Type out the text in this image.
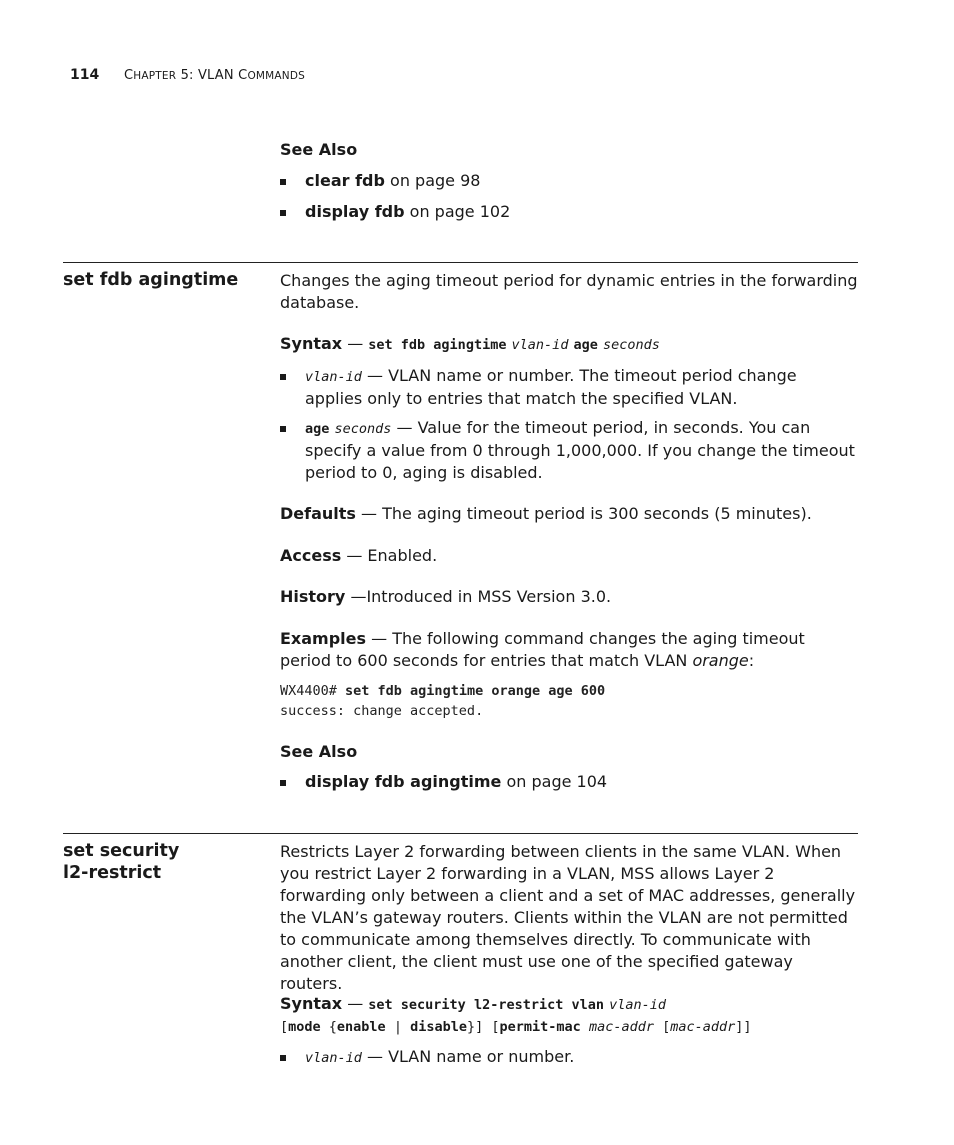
114 CHAPTER 5: VLAN COMMANDS
See Also
clear fdb on page 98
display fdb on page 102
set fdb agingtime	Changes the aging timeout period for dynamic entries in the forwarding database.
Syntax — set fdb agingtime vlan-id age seconds
vlan-id — VLAN name or number. The timeout period change applies only to entries that match the specified VLAN.
age seconds — Value for the timeout period, in seconds. You can specify a value from 0 through 1,000,000. If you change the timeout period to 0, aging is disabled.
Defaults — The aging timeout period is 300 seconds (5 minutes).
Access — Enabled.
History —Introduced in MSS Version 3.0.
Examples — The following command changes the aging timeout period to 600 seconds for entries that match VLAN orange:
WX4400# set fdb agingtime orange age 600
success: change accepted.
See Also
display fdb agingtime on page 104
set security
l2-restrict
Restricts Layer 2 forwarding between clients in the same VLAN. When you restrict Layer 2 forwarding in a VLAN, MSS allows Layer 2 forwarding only between a client and a set of MAC addresses, generally the VLAN’s gateway routers. Clients within the VLAN are not permitted to communicate among themselves directly. To communicate with another client, the client must use one of the specified gateway routers.
Syntax — set security l2-restrict vlan vlan-id
[mode {enable | disable}] [permit-mac mac-addr [mac-addr]]
vlan-id — VLAN name or number.
